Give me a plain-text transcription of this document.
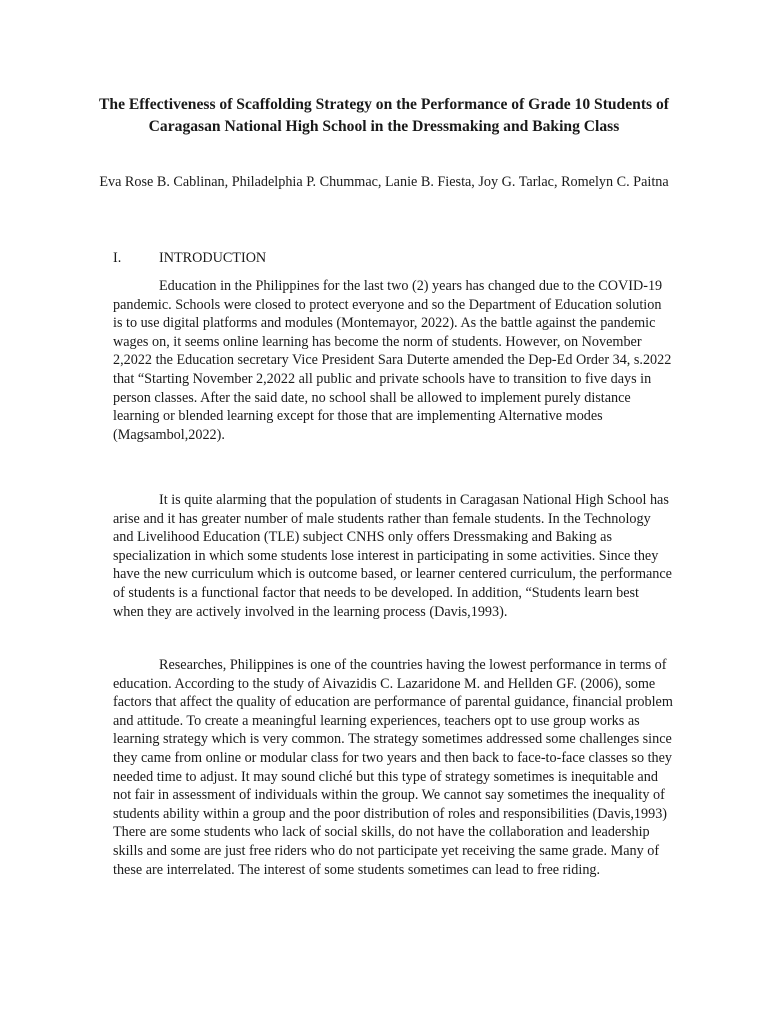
The Effectiveness of Scaffolding Strategy on the Performance of Grade 10 Students of Caragasan National High School in the Dressmaking and Baking Class

Eva Rose B. Cablinan, Philadelphia P. Chummac, Lanie B. Fiesta, Joy G. Tarlac, Romelyn C. Paitna

I.	INTRODUCTION

Education in the Philippines for the last two (2) years has changed due to the COVID-19 pandemic. Schools were closed to protect everyone and so the Department of Education solution is to use digital platforms and modules (Montemayor, 2022). As the battle against the pandemic wages on, it seems online learning has become the norm of students. However, on November 2,2022 the Education secretary Vice President Sara Duterte amended the Dep-Ed Order 34, s.2022 that “Starting November 2,2022 all public and private schools have to transition to five days in person classes. After the said date, no school shall be allowed to implement purely distance learning or blended learning except for those that are implementing Alternative modes (Magsambol,2022).

It is quite alarming that the population of students in Caragasan National High School has arise and it has greater number of male students rather than female students. In the Technology and Livelihood Education (TLE) subject CNHS only offers Dressmaking and Baking as specialization in which some students lose interest in participating in some activities. Since they have the new curriculum which is outcome based, or learner centered curriculum, the performance of students is a functional factor that needs to be developed. In addition, “Students learn best when they are actively involved in the learning process (Davis,1993).

Researches, Philippines is one of the countries having the lowest performance in terms of education. According to the study of Aivazidis C. Lazaridone M. and Hellden GF. (2006), some factors that affect the quality of education are performance of parental guidance, financial problem and attitude. To create a meaningful learning experiences, teachers opt to use group works as learning strategy which is very common. The strategy sometimes addressed some challenges since they came from online or modular class for two years and then back to face-to-face classes so they needed time to adjust. It may sound cliché but this type of strategy sometimes is inequitable and not fair in assessment of individuals within the group. We cannot say sometimes the inequality of students ability within a group and the poor distribution of roles and responsibilities (Davis,1993) There are some students who lack of social skills, do not have the collaboration and leadership skills and some are just free riders who do not participate yet receiving the same grade. Many of these are interrelated. The interest of some students sometimes can lead to free riding.
